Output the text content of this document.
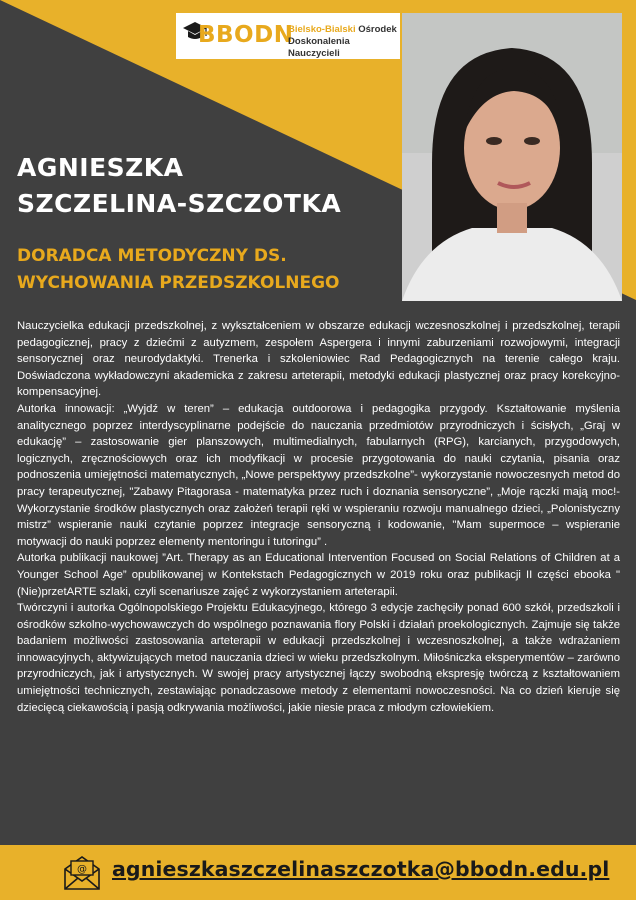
BBODN
Bielsko-Bialski Ośrodek
Doskonalenia Nauczycieli
AGNIESZKA
SZCZELINA-SZCZOTKA
DORADCA METODYCZNY DS.
WYCHOWANIA PRZEDSZKOLNEGO

Nauczycielka edukacji przedszkolnej, z wykształceniem w obszarze edukacji wczesnoszkolnej i przedszkolnej, terapii pedagogicznej, pracy z dziećmi z autyzmem, zespołem Aspergera i innymi zaburzeniami rozwojowymi, integracji sensorycznej oraz neurodydaktyki. Trenerka i szkoleniowiec Rad Pedagogicznych na terenie całego kraju. Doświadczona wykładowczyni akademicka z zakresu arteterapii, metodyki edukacji plastycznej oraz pracy korekcyjno-kompensacyjnej.

Autorka innowacji: „Wyjdź w teren” – edukacja outdoorowa i pedagogika przygody. Kształtowanie myślenia analitycznego poprzez interdyscyplinarne podejście do nauczania przedmiotów przyrodniczych i ścisłych, „Graj w edukację” – zastosowanie gier planszowych, multimedialnych, fabularnych (RPG), karcianych, przygodowych, logicznych, zręcznościowych oraz ich modyfikacji w procesie przygotowania do nauki czytania, pisania oraz podnoszenia umiejętności matematycznych, „Nowe perspektywy przedszkolne”- wykorzystanie nowoczesnych metod do pracy terapeutycznej, "Zabawy Pitagorasa - matematyka przez ruch i doznania sensoryczne”, „Moje rączki mają moc!- Wykorzystanie środków plastycznych oraz założeń terapii ręki w wspieraniu rozwoju manualnego dzieci, „Polonistyczny mistrz” wspieranie nauki czytanie poprzez integracje sensoryczną i kodowanie, "Mam supermoce – wspieranie motywacji do nauki poprzez elementy mentoringu i tutoringu” .

Autorka publikacji naukowej ”Art. Therapy as an Educational Intervention Focused on Social Relations of Children at a Younger School Age” opublikowanej w Kontekstach Pedagogicznych w 2019 roku oraz publikacji II części ebooka "(Nie)przetARTE szlaki, czyli scenariusze zajęć z wykorzystaniem arteterapii.

Twórczyni i autorka Ogólnopolskiego Projektu Edukacyjnego, którego 3 edycje zachęciły ponad 600 szkół, przedszkoli i ośrodków szkolno-wychowawczych do wspólnego poznawania flory Polski i działań proekologicznych. Zajmuje się także badaniem możliwości zastosowania arteterapii w edukacji przedszkolnej i wczesnoszkolnej, a także wdrażaniem innowacyjnych, aktywizujących metod nauczania dzieci w wieku przedszkolnym. Miłośniczka eksperymentów – zarówno przyrodniczych, jak i artystycznych. W swojej pracy artystycznej łączy swobodną ekspresję twórczą z kształtowaniem umiejętności technicznych, zestawiając ponadczasowe metody z elementami nowoczesności. Na co dzień kieruje się dziecięcą ciekawością i pasją odkrywania możliwości, jakie niesie praca z młodym człowiekiem.

@ agnieszkaszczelinaszczotka@bbodn.edu.pl
